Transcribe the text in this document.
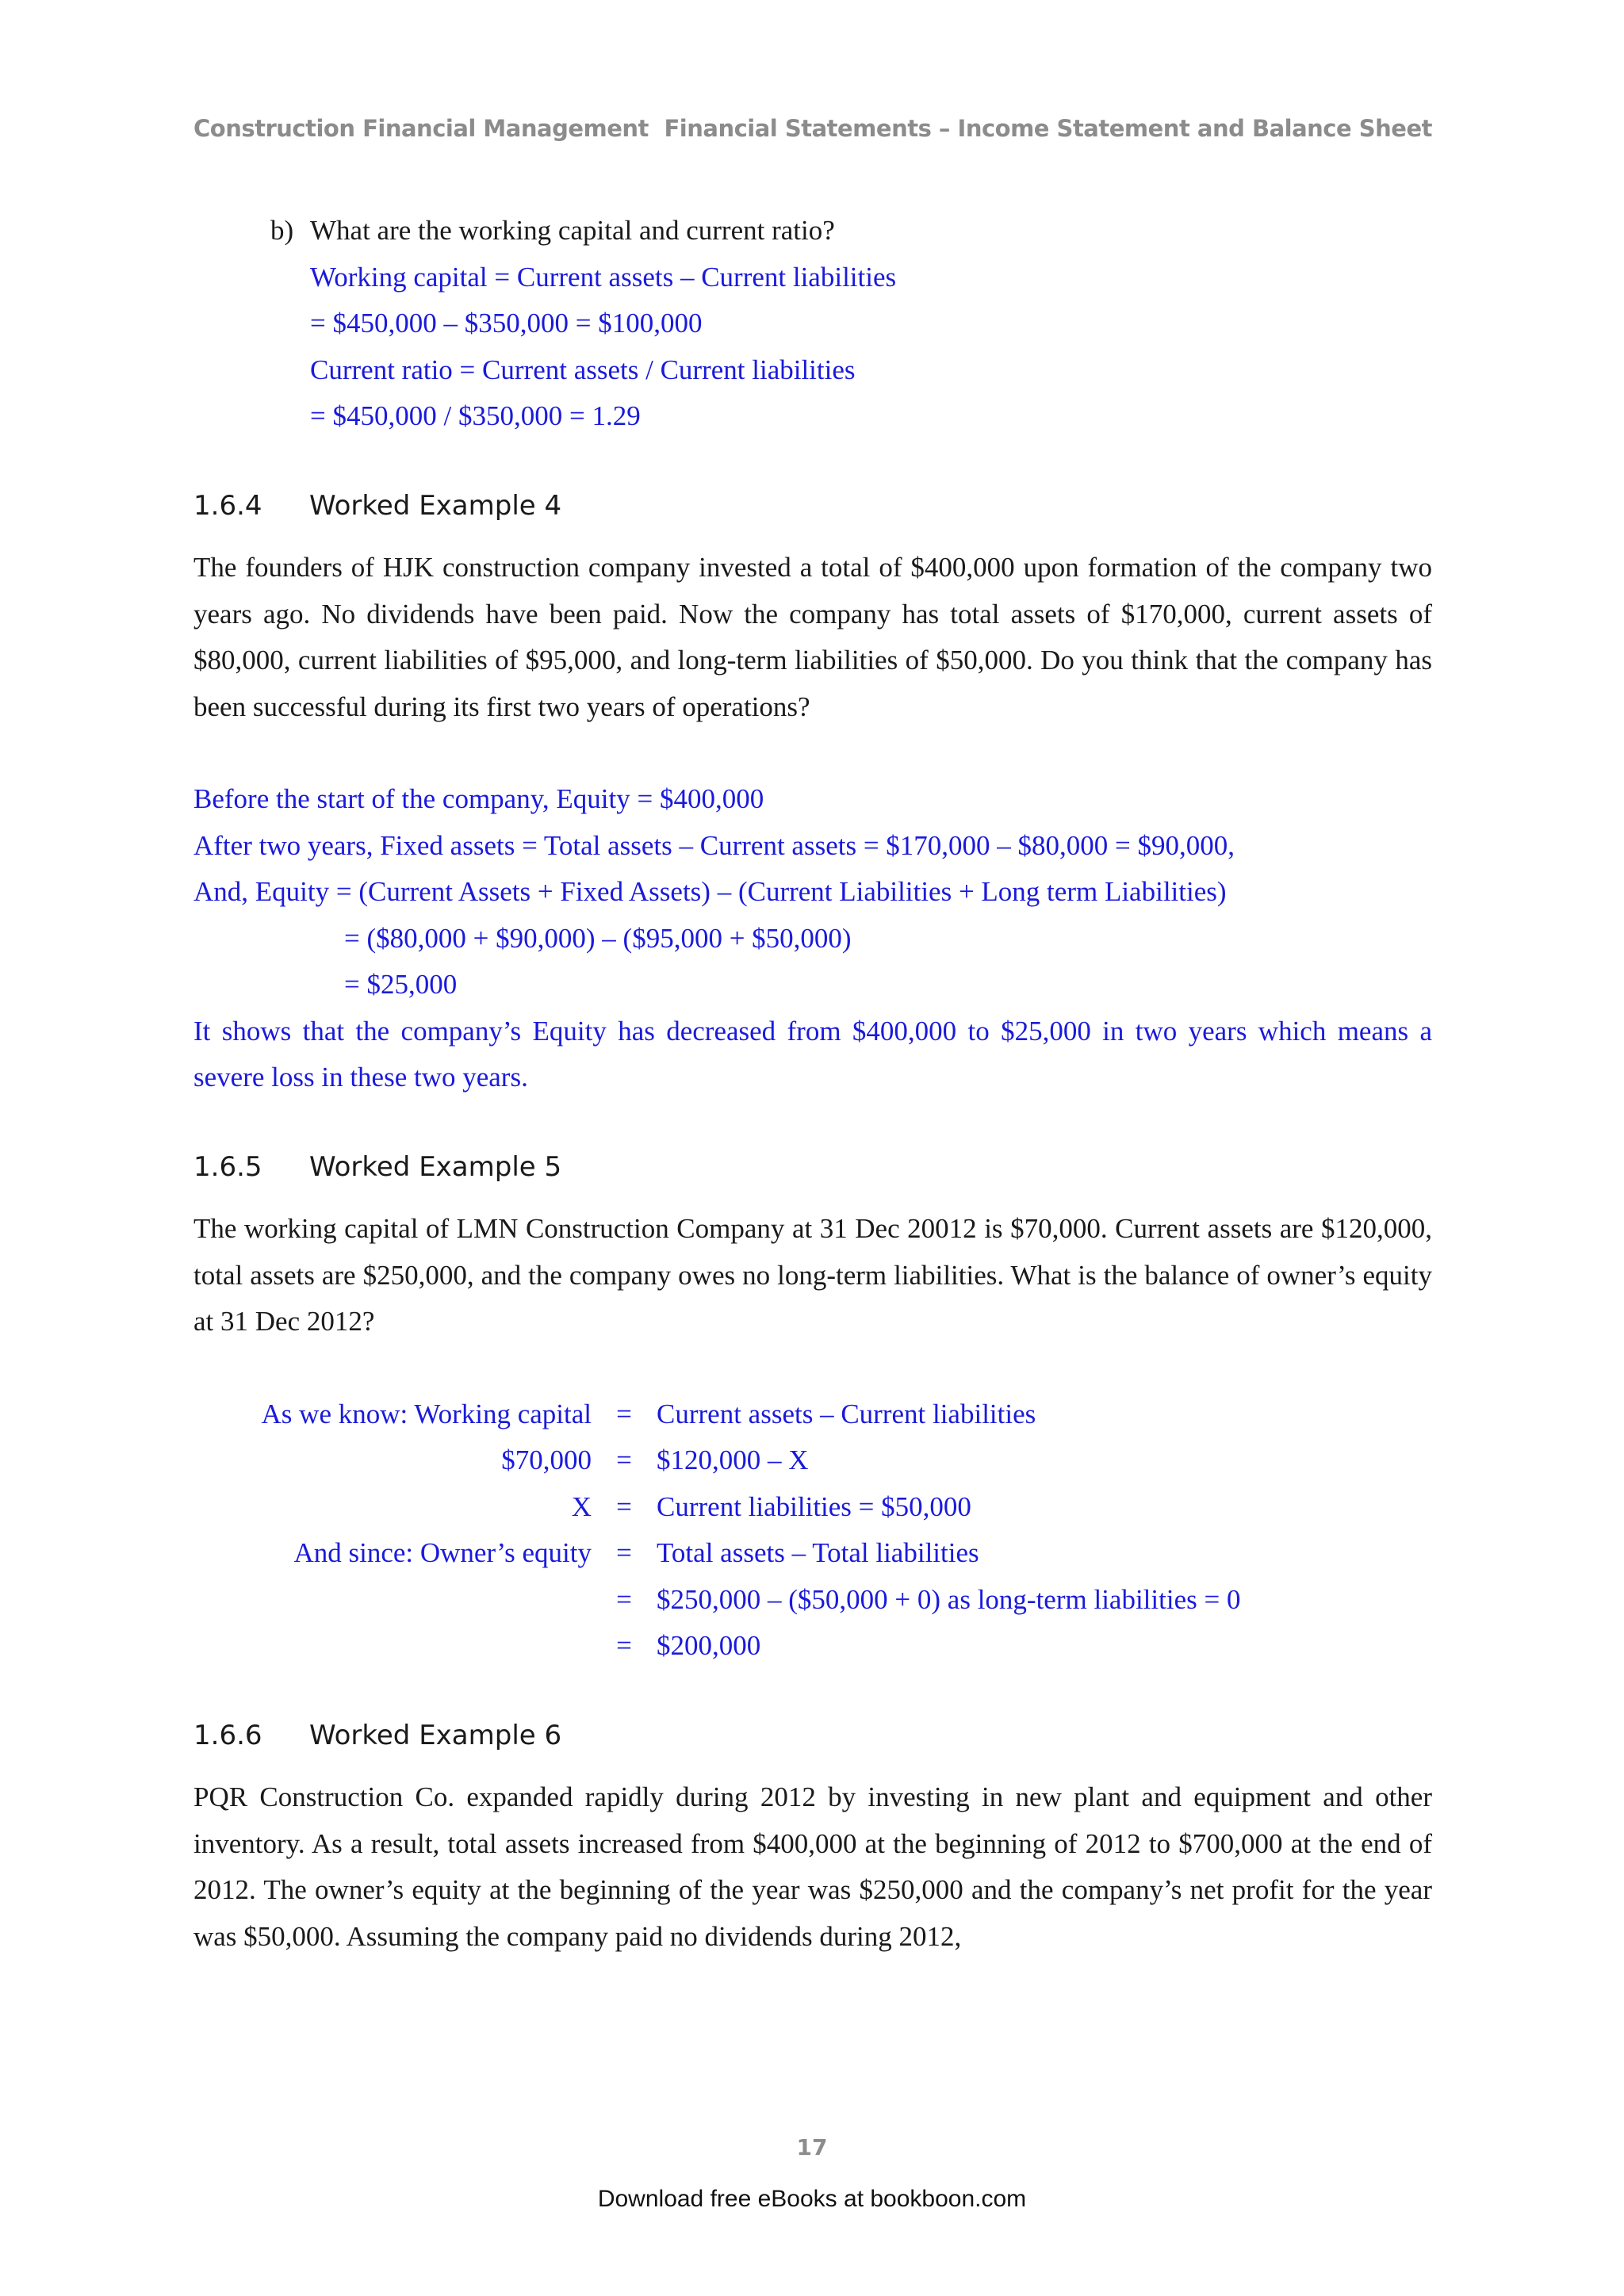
Construction Financial Management Financial Statements – Income Statement and Balance Sheet
b) What are the working capital and current ratio?
Working capital = Current assets – Current liabilities
= $450,000 – $350,000 = $100,000
Current ratio = Current assets / Current liabilities
= $450,000 / $350,000 = 1.29
1.6.4	Worked Example 4

The founders of HJK construction company invested a total of $400,000 upon formation of the company two years ago. No dividends have been paid. Now the company has total assets of $170,000, current assets of $80,000, current liabilities of $95,000, and long-term liabilities of $50,000. Do you think that the company has been successful during its first two years of operations?

Before the start of the company, Equity = $400,000
After two years, Fixed assets = Total assets – Current assets = $170,000 – $80,000 = $90,000,
And, Equity = (Current Assets + Fixed Assets) – (Current Liabilities + Long term Liabilities)
= ($80,000 + $90,000) – ($95,000 + $50,000)
= $25,000

It shows that the company’s Equity has decreased from $400,000 to $25,000 in two years which means a severe loss in these two years.

1.6.5	Worked Example 5

The working capital of LMN Construction Company at 31 Dec 20012 is $70,000. Current assets are $120,000, total assets are $250,000, and the company owes no long-term liabilities. What is the balance of owner’s equity at 31 Dec 2012?

As we know: Working capital	=	Current assets – Current liabilities
$70,000	=	$120,000 – X
X	=	Current liabilities = $50,000
And since: Owner’s equity	=	Total assets – Total liabilities
	=	$250,000 – ($50,000 + 0) as long-term liabilities = 0
	=	$200,000
1.6.6	Worked Example 6

PQR Construction Co. expanded rapidly during 2012 by investing in new plant and equipment and other inventory. As a result, total assets increased from $400,000 at the beginning of 2012 to $700,000 at the end of 2012. The owner’s equity at the beginning of the year was $250,000 and the company’s net profit for the year was $50,000. Assuming the company paid no dividends during 2012,

17
Download free eBooks at bookboon.com
